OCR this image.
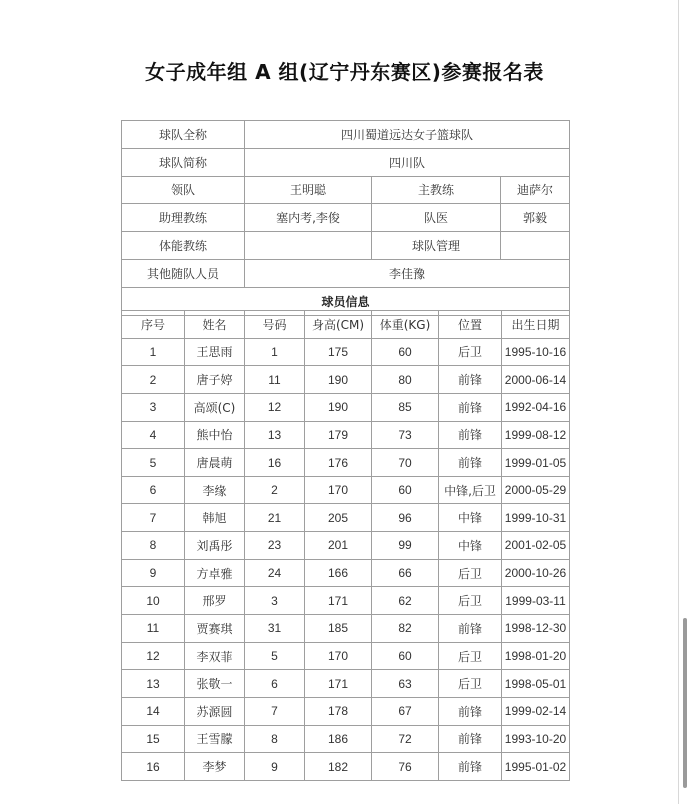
女子成年组 A 组(辽宁丹东赛区)参赛报名表
球队全称	四川蜀道远达女子篮球队		
球队简称	四川队		
领队	王明聪	主教练	迪萨尔
助理教练	塞内考,李俊	队医	郭毅
体能教练		球队管理	
其他随队人员	李佳豫		
球员信息			
序号	姓名	号码	身高(CM)	体重(KG)	位置	出生日期
1	王思雨	1	175	60	后卫	1995-10-16
2	唐子婷	11	190	80	前锋	2000-06-14
3	高颂(C)	12	190	85	前锋	1992-04-16
4	熊中怡	13	179	73	前锋	1999-08-12
5	唐晨萌	16	176	70	前锋	1999-01-05
6	李缘	2	170	60	中锋,后卫	2000-05-29
7	韩旭	21	205	96	中锋	1999-10-31
8	刘禹彤	23	201	99	中锋	2001-02-05
9	方卓雅	24	166	66	后卫	2000-10-26
10	邢罗	3	171	62	后卫	1999-03-11
11	贾赛琪	31	185	82	前锋	1998-12-30
12	李双菲	5	170	60	后卫	1998-01-20
13	张敬一	6	171	63	后卫	1998-05-01
14	苏源圆	7	178	67	前锋	1999-02-14
15	王雪朦	8	186	72	前锋	1993-10-20
16	李梦	9	182	76	前锋	1995-01-02
